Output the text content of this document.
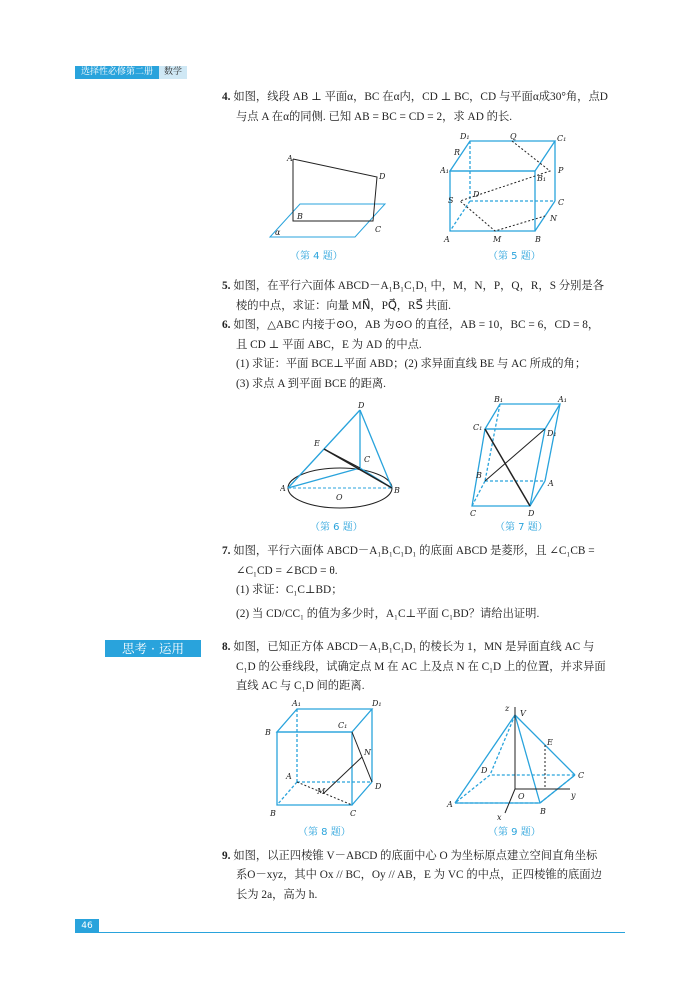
选择性必修第二册	数学
4. 如图，线段 AB ⊥ 平面α，BC 在α内，CD ⊥ BC，CD 与平面α成30°角，点D
与点 A 在α的同侧. 已知 AB = BC = CD = 2，求 AD 的长.
A
D
B
C
α
（第 4 题）
D₁	Q	C₁
R
A₁
B₁
P
S
D
C
N
A	M	B
（第 5 题）
5. 如图，在平行六面体 ABCD－A₁B₁C₁D₁ 中，M，N，P，Q，R，S 分别是各
棱的中点，求证：向量 MN⃗，PQ⃗，RS⃗ 共面.
6. 如图，△ABC 内接于⊙O，AB 为⊙O 的直径，AB = 10，BC = 6，CD = 8，
且 CD ⊥ 平面 ABC，E 为 AD 的中点.
(1) 求证：平面 BCE⊥平面 ABD；(2) 求异面直线 BE 与 AC 所成的角；
(3) 求点 A 到平面 BCE 的距离.
D
E
C
A
O
B
（第 6 题）
B₁	A₁
C₁
D₁
B
A
C	D
（第 7 题）
7. 如图，平行六面体 ABCD－A₁B₁C₁D₁ 的底面 ABCD 是菱形，且 ∠C₁CB =
∠C₁CD = ∠BCD = θ.
(1) 求证：C₁C⊥BD；
(2) 当 CD/CC₁ 的值为多少时，A₁C⊥平面 C₁BD？请给出证明.
思考 · 运用	8. 如图，已知正方体 ABCD－A₁B₁C₁D₁ 的棱长为 1，MN 是异面直线 AC 与
C₁D 的公垂线段，试确定点 M 在 AC 上及点 N 在 C₁D 上的位置，并求异面
直线 AC 与 C₁D 间的距离.
A₁	D₁
B
C₁
N
A
D
M
B	C
（第 8 题）
z
V
E
D
C
A
O
B
y
x
（第 9 题）
9. 如图，以正四棱锥 V－ABCD 的底面中心 O 为坐标原点建立空间直角坐标
系O－xyz，其中 Ox // BC，Oy // AB，E 为 VC 的中点，正四棱锥的底面边
长为 2a，高为 h.
46
